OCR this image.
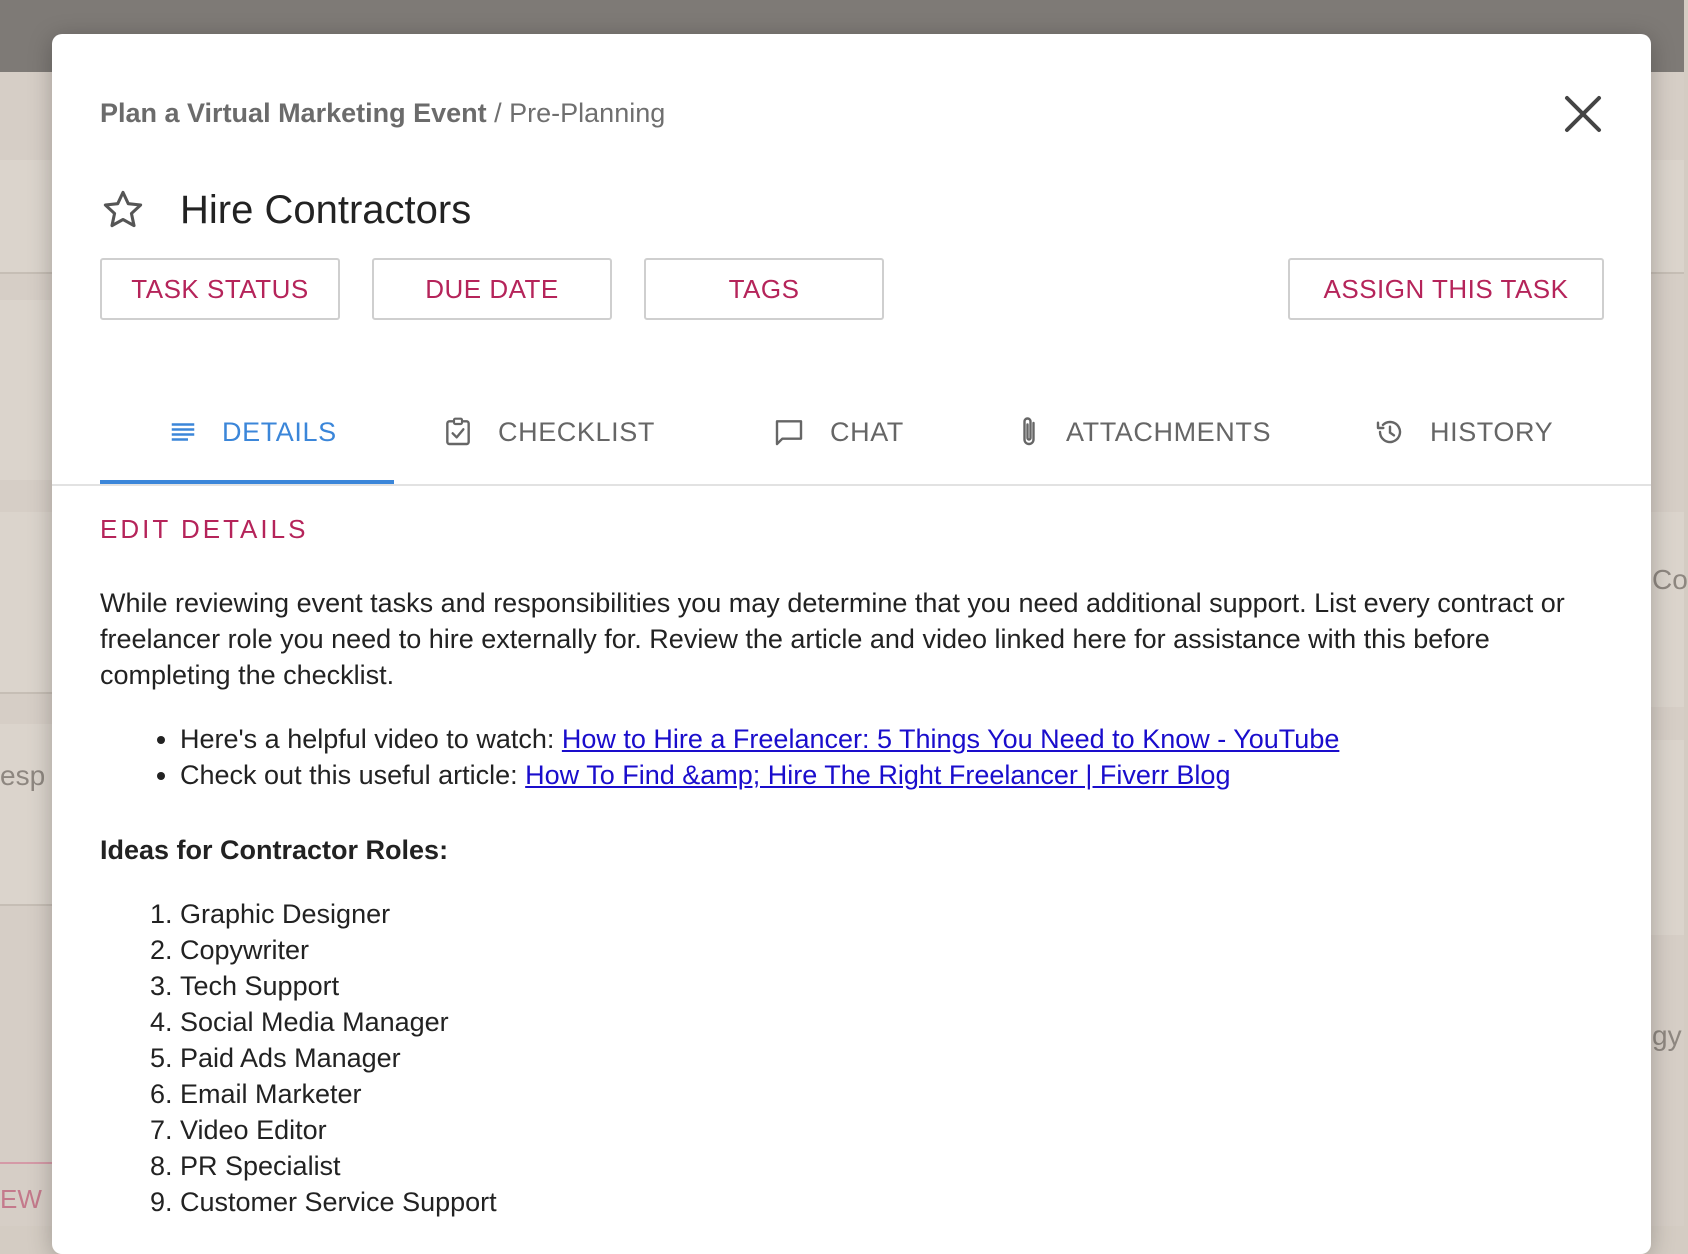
Co
esp
gy
EW
Plan a Virtual Marketing Event / Pre-Planning
Hire Contractors
TASK STATUS	DUE DATE	TAGS	ASSIGN THIS TASK
DETAILS	CHECKLIST	CHAT	ATTACHMENTS	HISTORY

EDIT DETAILS

While reviewing event tasks and responsibilities you may determine that you need additional support. List every contract or freelancer role you need to hire externally for. Review the article and video linked here for assistance with this before completing the checklist.
• Here's a helpful video to watch: How to Hire a Freelancer: 5 Things You Need to Know - YouTube
• Check out this useful article: How To Find &amp; Hire The Right Freelancer | Fiverr Blog
Ideas for Contractor Roles:
1. Graphic Designer
2. Copywriter
3. Tech Support
4. Social Media Manager
5. Paid Ads Manager
6. Email Marketer
7. Video Editor
8. PR Specialist
9. Customer Service Support
